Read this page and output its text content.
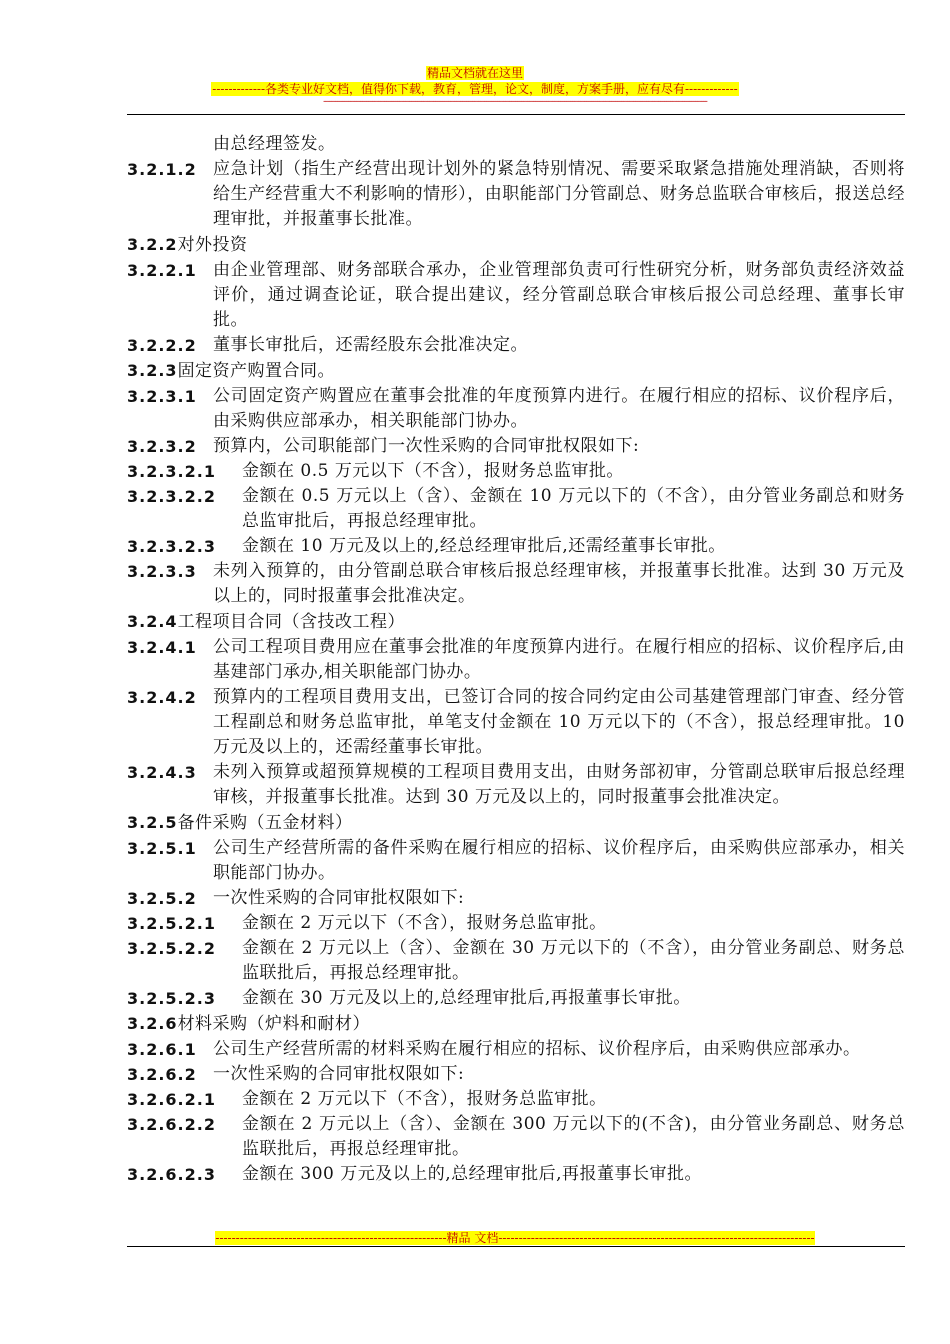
精品文档就在这里
-------------各类专业好文档，值得你下载，教育，管理，论文，制度，方案手册，应有尽有-------------
--------------------------------------------------------------------------------------------------------------------------------------------------------------------------------------------
由总经理签发。
3.2.1.2 应急计划（指生产经营出现计划外的紧急特别情况、需要采取紧急措施处理消缺，否则将给生产经营重大不利影响的情形），由职能部门分管副总、财务总监联合审核后，报送总经理审批，并报董事长批准。
3.2.2对外投资
3.2.2.1 由企业管理部、财务部联合承办，企业管理部负责可行性研究分析，财务部负责经济效益评价，通过调查论证，联合提出建议，经分管副总联合审核后报公司总经理、董事长审批。
3.2.2.2 董事长审批后，还需经股东会批准决定。
3.2.3固定资产购置合同。
3.2.3.1 公司固定资产购置应在董事会批准的年度预算内进行。在履行相应的招标、议价程序后，由采购供应部承办，相关职能部门协办。
3.2.3.2 预算内，公司职能部门一次性采购的合同审批权限如下:
3.2.3.2.1	金额在 0.5 万元以下（不含），报财务总监审批。
3.2.3.2.2	金额在 0.5 万元以上（含）、金额在 10 万元以下的（不含），由分管业务副总和财务总监审批后，再报总经理审批。
3.2.3.2.3	金额在 10 万元及以上的,经总经理审批后,还需经董事长审批。
3.2.3.3 未列入预算的，由分管副总联合审核后报总经理审核，并报董事长批准。达到 30 万元及以上的，同时报董事会批准决定。
3.2.4工程项目合同（含技改工程）
3.2.4.1 公司工程项目费用应在董事会批准的年度预算内进行。在履行相应的招标、议价程序后,由基建部门承办,相关职能部门协办。
3.2.4.2 预算内的工程项目费用支出，已签订合同的按合同约定由公司基建管理部门审查、经分管工程副总和财务总监审批，单笔支付金额在 10 万元以下的（不含），报总经理审批。10 万元及以上的，还需经董事长审批。
3.2.4.3 未列入预算或超预算规模的工程项目费用支出，由财务部初审，分管副总联审后报总经理审核，并报董事长批准。达到 30 万元及以上的，同时报董事会批准决定。
3.2.5备件采购（五金材料）
3.2.5.1 公司生产经营所需的备件采购在履行相应的招标、议价程序后，由采购供应部承办，相关职能部门协办。
3.2.5.2 一次性采购的合同审批权限如下:
3.2.5.2.1	金额在 2 万元以下（不含），报财务总监审批。
3.2.5.2.2	金额在 2 万元以上（含）、金额在 30 万元以下的（不含），由分管业务副总、财务总监联批后，再报总经理审批。
3.2.5.2.3	金额在 30 万元及以上的,总经理审批后,再报董事长审批。
3.2.6材料采购（炉料和耐材）
3.2.6.1 公司生产经营所需的材料采购在履行相应的招标、议价程序后，由采购供应部承办。
3.2.6.2 一次性采购的合同审批权限如下:
3.2.6.2.1	金额在 2 万元以下（不含），报财务总监审批。
3.2.6.2.2	金额在 2 万元以上（含）、金额在 300 万元以下的(不含)，由分管业务副总、财务总监联批后，再报总经理审批。
3.2.6.2.3	金额在 300 万元及以上的,总经理审批后,再报董事长审批。
---------------------------------------------------------精品 文档------------------------------------------------------------------------------
